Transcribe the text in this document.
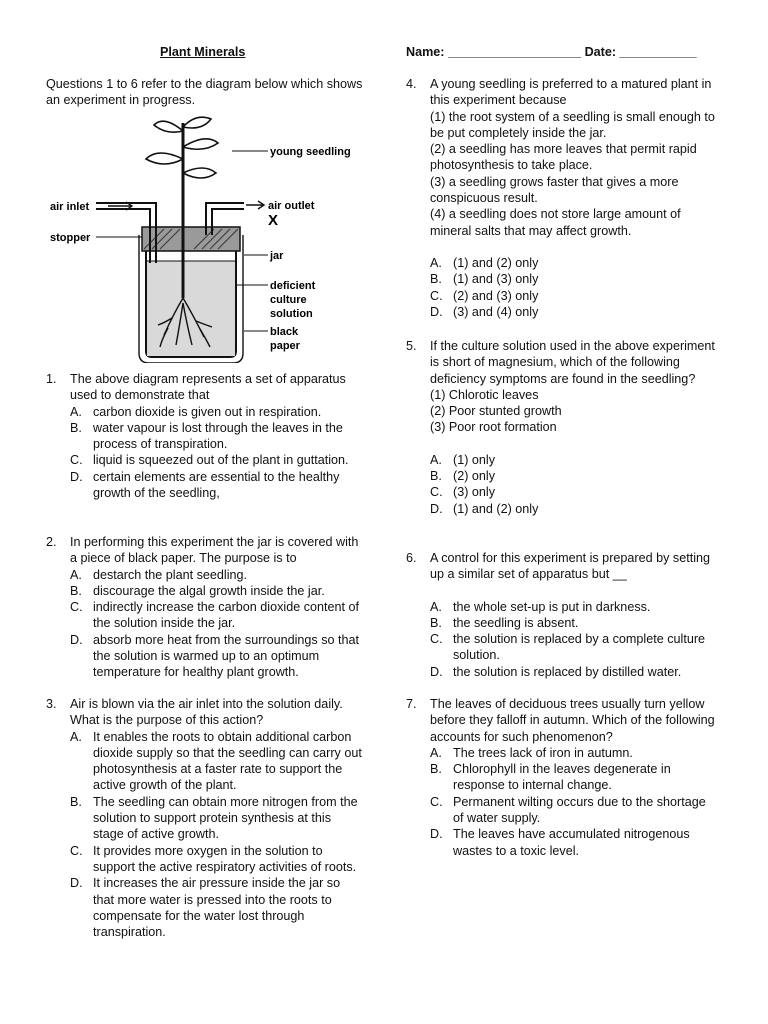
Plant Minerals	Name: ___________________ Date: ___________
Questions 1 to 6 refer to the diagram below which shows an experiment in progress.
young seedling
air inlet	air outlet
X
stopper
jar
deficient
culture
solution
black
paper
1.	The above diagram represents a set of apparatus used to demonstrate that
A. carbon dioxide is given out in respiration.
B. water vapour is lost through the leaves in the process of transpiration.
C. liquid is squeezed out of the plant in guttation.
D. certain elements are essential to the healthy growth of the seedling,
2.	In performing this experiment the jar is covered with a piece of black paper. The purpose is to
A. destarch the plant seedling.
B. discourage the algal growth inside the jar.
C. indirectly increase the carbon dioxide content of the solution inside the jar.
D. absorb more heat from the surroundings so that the solution is warmed up to an optimum temperature for healthy plant growth.
3.	Air is blown via the air inlet into the solution daily. What is the purpose of this action?
A. It enables the roots to obtain additional carbon dioxide supply so that the seedling can carry out photosynthesis at a faster rate to support the active growth of the plant.
B. The seedling can obtain more nitrogen from the solution to support protein synthesis at this stage of active growth.
C. It provides more oxygen in the solution to support the active respiratory activities of roots.
D. It increases the air pressure inside the jar so that more water is pressed into the roots to compensate for the water lost through transpiration.
4.	A young seedling is preferred to a matured plant in this experiment because
(1) the root system of a seedling is small enough to be put completely inside the jar.
(2) a seedling has more leaves that permit rapid photosynthesis to take place.
(3) a seedling grows faster that gives a more conspicuous result.
(4) a seedling does not store large amount of mineral salts that may affect growth.
A. (1) and (2) only
B. (1) and (3) only
C. (2) and (3) only
D. (3) and (4) only
5.	If the culture solution used in the above experiment is short of magnesium, which of the following deficiency symptoms are found in the seedling?
(1) Chlorotic leaves
(2) Poor stunted growth
(3) Poor root formation
A. (1) only
B. (2) only
C. (3) only
D. (1) and (2) only
6.	A control for this experiment is prepared by setting up a similar set of apparatus but __
A. the whole set-up is put in darkness.
B. the seedling is absent.
C. the solution is replaced by a complete culture solution.
D. the solution is replaced by distilled water.
7.	The leaves of deciduous trees usually turn yellow before they falloff in autumn. Which of the following accounts for such phenomenon?
A. The trees lack of iron in autumn.
B. Chlorophyll in the leaves degenerate in response to internal change.
C. Permanent wilting occurs due to the shortage of water supply.
D. The leaves have accumulated nitrogenous wastes to a toxic level.
